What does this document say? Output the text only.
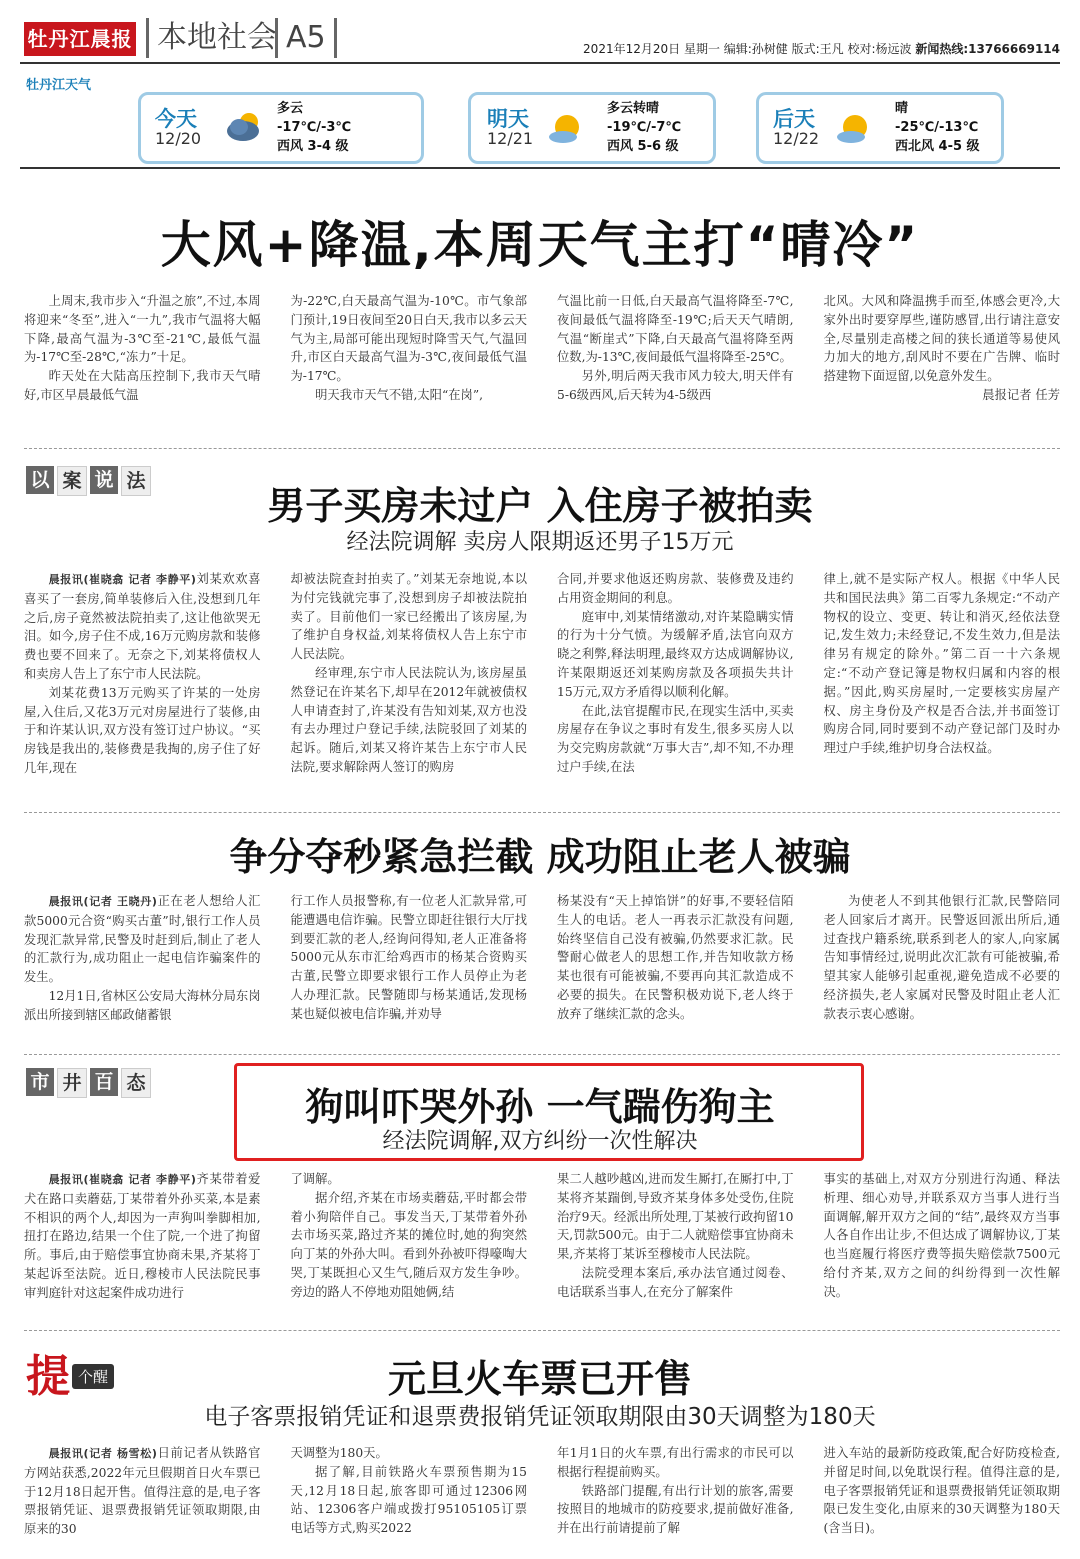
牡丹江晨报 本地社会 A5	2021年12月20日 星期一 编辑:孙树健 版式:王凡 校对:杨远波 新闻热线:13766669114
牡丹江天气
今天
12/20
多云
-17℃/-3℃
西风 3-4 级
明天
12/21
多云转晴
-19℃/-7℃
西风 5-6 级
后天
12/22
晴
-25℃/-13℃
西北风 4-5 级
大风+降温,本周天气主打“晴冷”

上周末,我市步入“升温之旅”,不过,本周将迎来“冬至”,进入“一九”,我市气温将大幅下降,最高气温为-3℃至-21℃,最低气温为-17℃至-28℃,“冻力”十足。

昨天处在大陆高压控制下,我市天气晴好,市区早晨最低气温

为-22℃,白天最高气温为-10℃。市气象部门预计,19日夜间至20日白天,我市以多云天气为主,局部可能出现短时降雪天气,气温回升,市区白天最高气温为-3℃,夜间最低气温为-17℃。

明天我市天气不错,太阳“在岗”,

气温比前一日低,白天最高气温将降至-7℃,夜间最低气温将降至-19℃;后天天气晴朗,气温“断崖式”下降,白天最高气温将降至两位数,为-13℃,夜间最低气温将降至-25℃。

另外,明后两天我市风力较大,明天伴有5-6级西风,后天转为4-5级西

北风。大风和降温携手而至,体感会更冷,大家外出时要穿厚些,谨防感冒,出行请注意安全,尽量别走高楼之间的狭长通道等易使风力加大的地方,刮风时不要在广告牌、临时搭建物下面逗留,以免意外发生。

晨报记者 任芳

以 案 说 法
男子买房未过户 入住房子被拍卖
经法院调解 卖房人限期返还男子15万元

晨报讯(崔晓翕 记者 李静平)刘某欢欢喜喜买了一套房,简单装修后入住,没想到几年之后,房子竟然被法院拍卖了,这让他欲哭无泪。如今,房子住不成,16万元购房款和装修费也要不回来了。无奈之下,刘某将债权人和卖房人告上了东宁市人民法院。

刘某花费13万元购买了许某的一处房屋,入住后,又花3万元对房屋进行了装修,由于和许某认识,双方没有签订过户协议。“买房钱是我出的,装修费是我掏的,房子住了好几年,现在

却被法院查封拍卖了。”刘某无奈地说,本以为付完钱就完事了,没想到房子却被法院拍卖了。目前他们一家已经搬出了该房屋,为了维护自身权益,刘某将债权人告上东宁市人民法院。

经审理,东宁市人民法院认为,该房屋虽然登记在许某名下,却早在2012年就被债权人申请查封了,许某没有告知刘某,双方也没有去办理过户登记手续,法院驳回了刘某的起诉。随后,刘某又将许某告上东宁市人民法院,要求解除两人签订的购房

合同,并要求他返还购房款、装修费及违约占用资金期间的利息。

庭审中,刘某情绪激动,对许某隐瞒实情的行为十分气愤。为缓解矛盾,法官向双方晓之利弊,释法明理,最终双方达成调解协议,许某限期返还刘某购房款及各项损失共计15万元,双方矛盾得以顺利化解。

在此,法官提醒市民,在现实生活中,买卖房屋存在争议之事时有发生,很多买房人以为交完购房款就“万事大吉”,却不知,不办理过户手续,在法

律上,就不是实际产权人。根据《中华人民共和国民法典》第二百零九条规定:“不动产物权的设立、变更、转让和消灭,经依法登记,发生效力;未经登记,不发生效力,但是法律另有规定的除外。”第二百一十六条规定:“不动产登记簿是物权归属和内容的根据。”因此,购买房屋时,一定要核实房屋产权、房主身份及产权是否合法,并书面签订购房合同,同时要到不动产登记部门及时办理过户手续,维护切身合法权益。

争分夺秒紧急拦截 成功阻止老人被骗

晨报讯(记者 王晓丹)正在老人想给人汇款5000元合资“购买古董”时,银行工作人员发现汇款异常,民警及时赶到后,制止了老人的汇款行为,成功阻止一起电信诈骗案件的发生。

12月1日,省林区公安局大海林分局东岗派出所接到辖区邮政储蓄银

行工作人员报警称,有一位老人汇款异常,可能遭遇电信诈骗。民警立即赶往银行大厅找到要汇款的老人,经询问得知,老人正准备将5000元从东市汇给鸡西市的杨某合资购买古董,民警立即要求银行工作人员停止为老人办理汇款。民警随即与杨某通话,发现杨某也疑似被电信诈骗,并劝导

杨某没有“天上掉馅饼”的好事,不要轻信陌生人的电话。老人一再表示汇款没有问题,始终坚信自己没有被骗,仍然要求汇款。民警耐心做老人的思想工作,并告知收款方杨某也很有可能被骗,不要再向其汇款造成不必要的损失。在民警积极劝说下,老人终于放弃了继续汇款的念头。

为使老人不到其他银行汇款,民警陪同老人回家后才离开。民警返回派出所后,通过查找户籍系统,联系到老人的家人,向家属告知事情经过,说明此次汇款有可能被骗,希望其家人能够引起重视,避免造成不必要的经济损失,老人家属对民警及时阻止老人汇款表示衷心感谢。

市 井 百 态
狗叫吓哭外孙 一气踹伤狗主
经法院调解,双方纠纷一次性解决

晨报讯(崔晓翕 记者 李静平)齐某带着爱犬在路口卖蘑菇,丁某带着外孙买菜,本是素不相识的两个人,却因为一声狗叫拳脚相加,扭打在路边,结果一个住了院,一个进了拘留所。事后,由于赔偿事宜协商未果,齐某将丁某起诉至法院。近日,穆棱市人民法院民事审判庭针对这起案件成功进行

了调解。

据介绍,齐某在市场卖蘑菇,平时都会带着小狗陪伴自己。事发当天,丁某带着外孙去市场买菜,路过齐某的摊位时,她的狗突然向丁某的外孙大叫。看到外孙被吓得嚎啕大哭,丁某既担心又生气,随后双方发生争吵。旁边的路人不停地劝阻她俩,结

果二人越吵越凶,进而发生厮打,在厮打中,丁某将齐某踹倒,导致齐某身体多处受伤,住院治疗9天。经派出所处理,丁某被行政拘留10天,罚款500元。由于二人就赔偿事宜协商未果,齐某将丁某诉至穆棱市人民法院。

法院受理本案后,承办法官通过阅卷、电话联系当事人,在充分了解案件

事实的基础上,对双方分别进行沟通、释法析理、细心劝导,并联系双方当事人进行当面调解,解开双方之间的“结”,最终双方当事人各自作出让步,不但达成了调解协议,丁某也当庭履行将医疗费等损失赔偿款7500元给付齐某,双方之间的纠纷得到一次性解决。

提 个醒	元旦火车票已开售
电子客票报销凭证和退票费报销凭证领取期限由30天调整为180天

晨报讯(记者 杨雪松)日前记者从铁路官方网站获悉,2022年元旦假期首日火车票已于12月18日起开售。值得注意的是,电子客票报销凭证、退票费报销凭证领取期限,由原来的30

天调整为180天。

据了解,目前铁路火车票预售期为15天,12月18日起,旅客即可通过12306网站、12306客户端或拨打95105105订票电话等方式,购买2022

年1月1日的火车票,有出行需求的市民可以根据行程提前购买。

铁路部门提醒,有出行计划的旅客,需要按照目的地城市的防疫要求,提前做好准备,并在出行前请提前了解

进入车站的最新防疫政策,配合好防疫检查,并留足时间,以免耽误行程。值得注意的是,电子客票报销凭证和退票费报销凭证领取期限已发生变化,由原来的30天调整为180天(含当日)。
